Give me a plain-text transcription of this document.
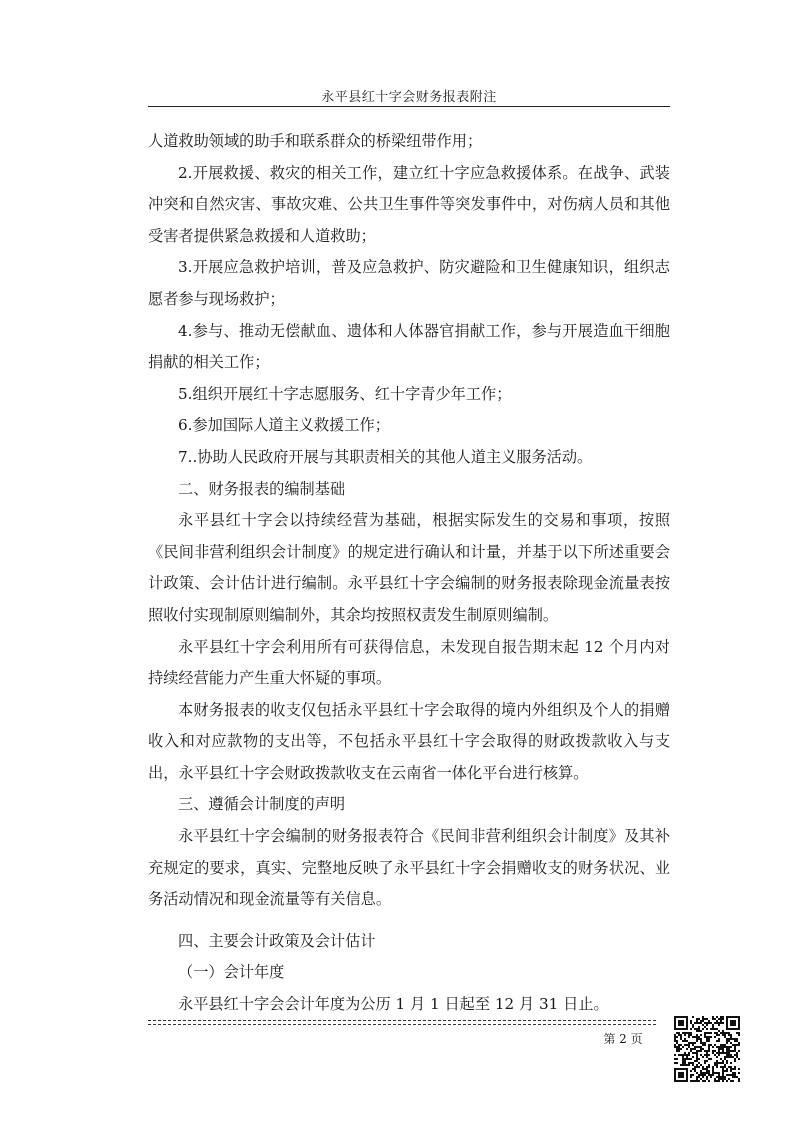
永平县红十字会财务报表附注

人道救助领域的助手和联系群众的桥梁纽带作用；

2.开展救援、救灾的相关工作，建立红十字应急救援体系。在战争、武装冲突和自然灾害、事故灾难、公共卫生事件等突发事件中，对伤病人员和其他受害者提供紧急救援和人道救助；

3.开展应急救护培训，普及应急救护、防灾避险和卫生健康知识，组织志愿者参与现场救护；

4.参与、推动无偿献血、遗体和人体器官捐献工作，参与开展造血干细胞捐献的相关工作；

5.组织开展红十字志愿服务、红十字青少年工作；

6.参加国际人道主义救援工作；

7..协助人民政府开展与其职责相关的其他人道主义服务活动。

二、财务报表的编制基础

永平县红十字会以持续经营为基础，根据实际发生的交易和事项，按照《民间非营利组织会计制度》的规定进行确认和计量，并基于以下所述重要会计政策、会计估计进行编制。永平县红十字会编制的财务报表除现金流量表按照收付实现制原则编制外，其余均按照权责发生制原则编制。

永平县红十字会利用所有可获得信息，未发现自报告期末起 12 个月内对持续经营能力产生重大怀疑的事项。

本财务报表的收支仅包括永平县红十字会取得的境内外组织及个人的捐赠收入和对应款物的支出等，不包括永平县红十字会取得的财政拨款收入与支出，永平县红十字会财政拨款收支在云南省一体化平台进行核算。

三、遵循会计制度的声明

永平县红十字会编制的财务报表符合《民间非营利组织会计制度》及其补充规定的要求，真实、完整地反映了永平县红十字会捐赠收支的财务状况、业务活动情况和现金流量等有关信息。

四、主要会计政策及会计估计

（一）会计年度

永平县红十字会会计年度为公历 1 月 1 日起至 12 月 31 日止。

第 2 页
